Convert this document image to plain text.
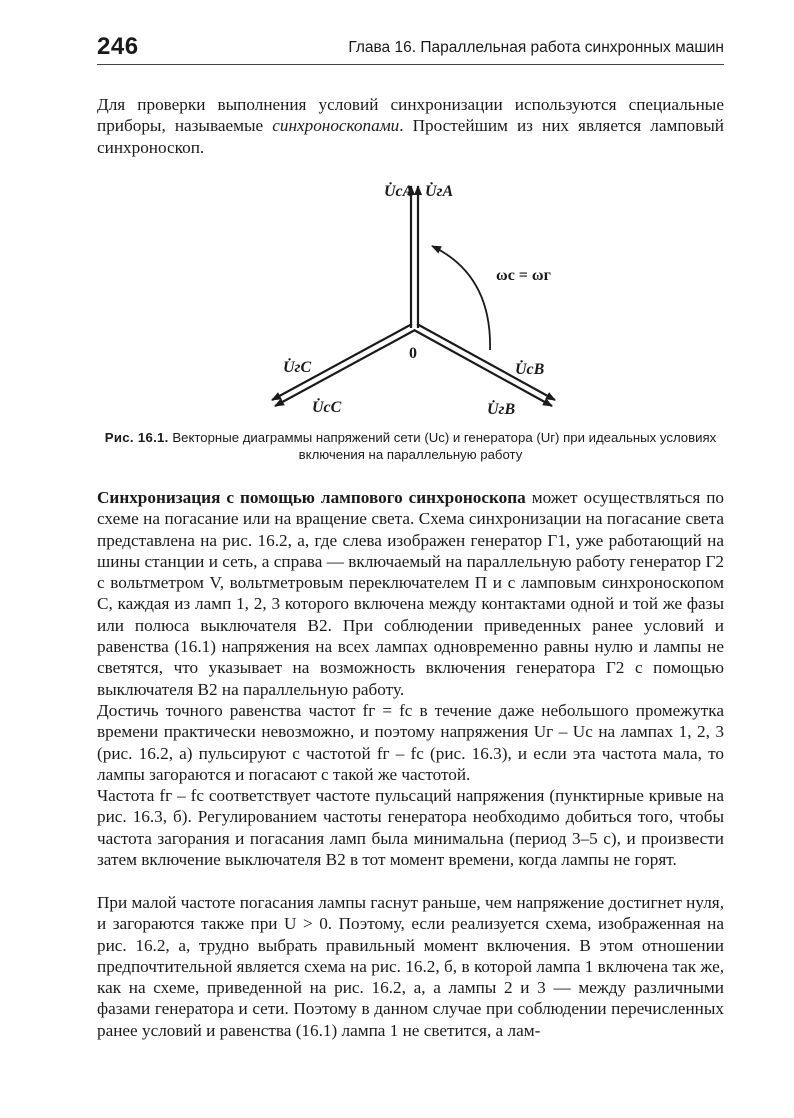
246	Глава 16. Параллельная работа синхронных машин

Для проверки выполнения условий синхронизации используются специальные приборы, называемые синхроноскопами. Простейшим из них является ламповый синхроноскоп.

U̇cA U̇гA
ωс = ωг
0
U̇гC
U̇cC
U̇cB
U̇гB

Рис. 16.1. Векторные диаграммы напряжений сети (Uс) и генератора (Uг) при идеальных условиях включения на параллельную работу

Синхронизация с помощью лампового синхроноскопа может осуществляться по схеме на погасание или на вращение света. Схема синхронизации на погасание света представлена на рис. 16.2, а, где слева изображен генератор Г1, уже работающий на шины станции и сеть, а справа — включаемый на параллельную работу генератор Г2 с вольтметром V, вольтметровым переключателем П и с ламповым синхроноскопом С, каждая из ламп 1, 2, 3 которого включена между контактами одной и той же фазы или полюса выключателя В2. При соблюдении приведенных ранее условий и равенства (16.1) напряжения на всех лампах одновременно равны нулю и лампы не светятся, что указывает на возможность включения генератора Г2 с помощью выключателя В2 на параллельную работу.

Достичь точного равенства частот fг = fс в течение даже небольшого промежутка времени практически невозможно, и поэтому напряжения Uг – Uс на лампах 1, 2, 3 (рис. 16.2, а) пульсируют с частотой fг – fс (рис. 16.3), и если эта частота мала, то лампы загораются и погасают с такой же частотой.

Частота fг – fс соответствует частоте пульсаций напряжения (пунктирные кривые на рис. 16.3, б). Регулированием частоты генератора необходимо добиться того, чтобы частота загорания и погасания ламп была минимальна (период 3–5 с), и произвести затем включение выключателя В2 в тот момент времени, когда лампы не горят.

При малой частоте погасания лампы гаснут раньше, чем напряжение достигнет нуля, и загораются также при U > 0. Поэтому, если реализуется схема, изображенная на рис. 16.2, а, трудно выбрать правильный момент включения. В этом отношении предпочтительной является схема на рис. 16.2, б, в которой лампа 1 включена так же, как на схеме, приведенной на рис. 16.2, а, а лампы 2 и 3 — между различными фазами генератора и сети. Поэтому в данном случае при соблюдении перечисленных ранее условий и равенства (16.1) лампа 1 не светится, а лам-
